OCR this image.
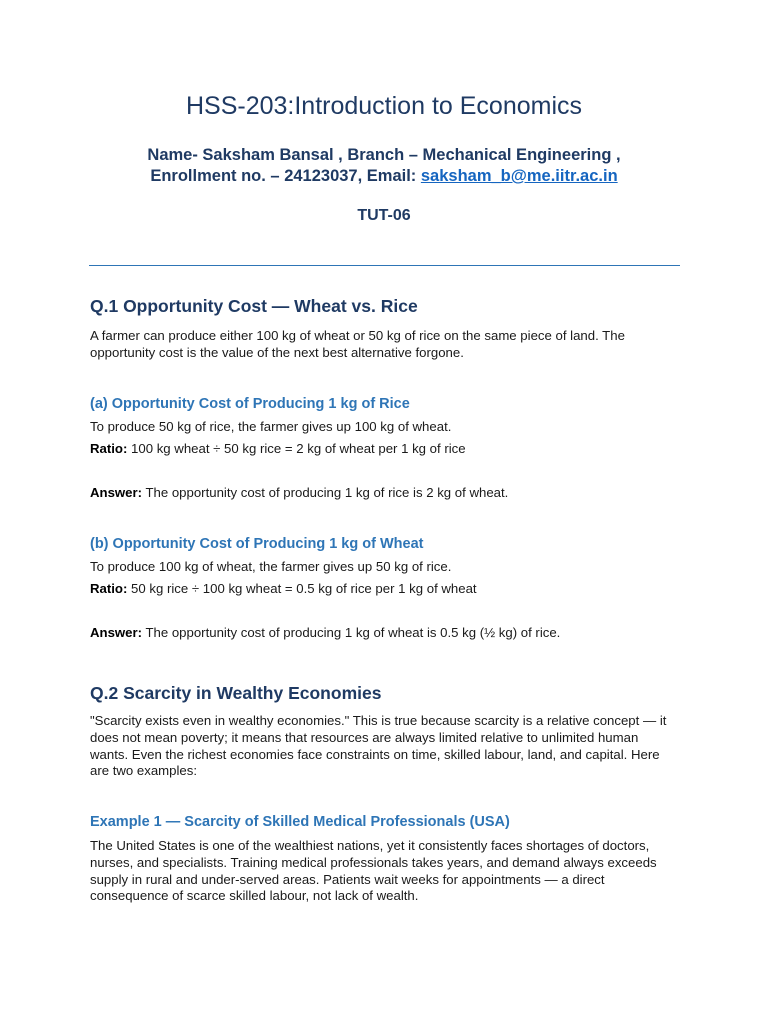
HSS-203:Introduction to Economics
Name- Saksham Bansal , Branch – Mechanical Engineering ,
Enrollment no. – 24123037, Email: saksham_b@me.iitr.ac.in
TUT-06
Q.1 Opportunity Cost — Wheat vs. Rice
A farmer can produce either 100 kg of wheat or 50 kg of rice on the same piece of land. The opportunity cost is the value of the next best alternative forgone.
(a) Opportunity Cost of Producing 1 kg of Rice
To produce 50 kg of rice, the farmer gives up 100 kg of wheat.
Ratio: 100 kg wheat ÷ 50 kg rice = 2 kg of wheat per 1 kg of rice
Answer: The opportunity cost of producing 1 kg of rice is 2 kg of wheat.
(b) Opportunity Cost of Producing 1 kg of Wheat
To produce 100 kg of wheat, the farmer gives up 50 kg of rice.
Ratio: 50 kg rice ÷ 100 kg wheat = 0.5 kg of rice per 1 kg of wheat
Answer: The opportunity cost of producing 1 kg of wheat is 0.5 kg (½ kg) of rice.
Q.2 Scarcity in Wealthy Economies
"Scarcity exists even in wealthy economies." This is true because scarcity is a relative concept — it does not mean poverty; it means that resources are always limited relative to unlimited human wants. Even the richest economies face constraints on time, skilled labour, land, and capital. Here are two examples:
Example 1 — Scarcity of Skilled Medical Professionals (USA)
The United States is one of the wealthiest nations, yet it consistently faces shortages of doctors, nurses, and specialists. Training medical professionals takes years, and demand always exceeds supply in rural and under-served areas. Patients wait weeks for appointments — a direct consequence of scarce skilled labour, not lack of wealth.
